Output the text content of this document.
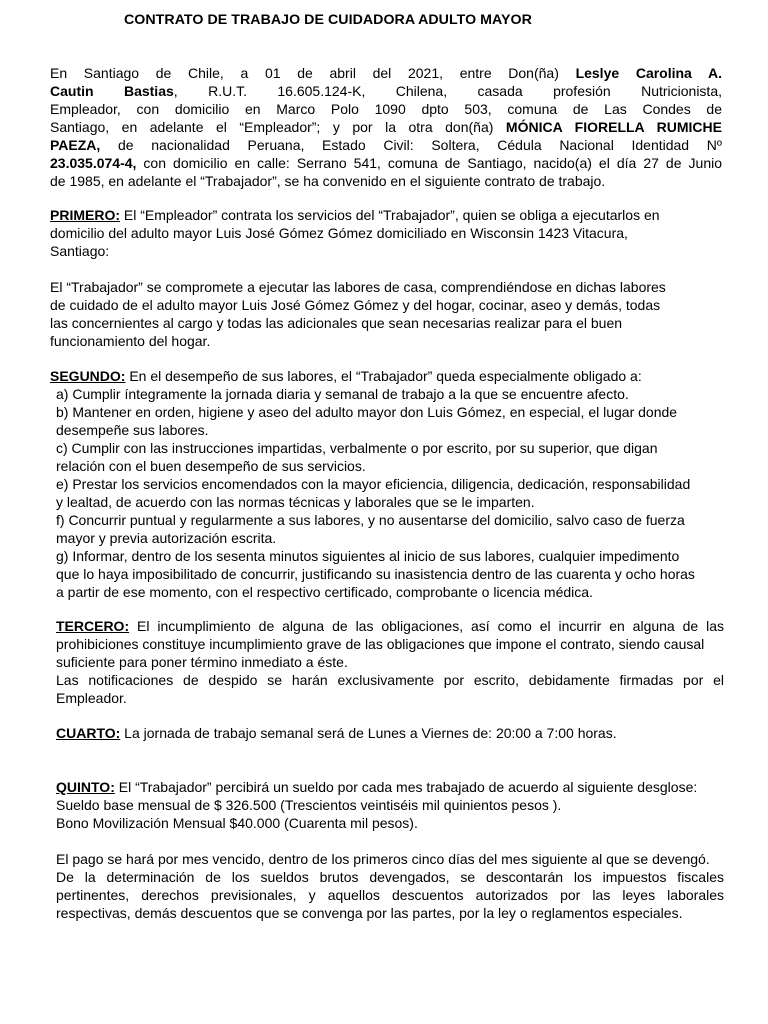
CONTRATO DE TRABAJO DE CUIDADORA ADULTO MAYOR
En Santiago de Chile, a 01 de abril del 2021, entre Don(ña) Leslye Carolina A.
Cautin Bastias, R.U.T. 16.605.124-K, Chilena, casada profesión Nutricionista,
Empleador, con domicilio en Marco Polo 1090 dpto 503, comuna de Las Condes de
Santiago, en adelante el “Empleador”; y por la otra don(ña) MÓNICA FIORELLA RUMICHE
PAEZA, de nacionalidad Peruana, Estado Civil: Soltera, Cédula Nacional Identidad Nº
23.035.074-4, con domicilio en calle: Serrano 541, comuna de Santiago, nacido(a) el día 27 de Junio
de 1985, en adelante el “Trabajador”, se ha convenido en el siguiente contrato de trabajo.
PRIMERO: El “Empleador” contrata los servicios del “Trabajador”, quien se obliga a ejecutarlos en
domicilio del adulto mayor Luis José Gómez Gómez domiciliado en Wisconsin 1423 Vitacura,
Santiago:
El “Trabajador” se compromete a ejecutar las labores de casa, comprendiéndose en dichas labores
de cuidado de el adulto mayor Luis José Gómez Gómez y del hogar, cocinar, aseo y demás, todas
las concernientes al cargo y todas las adicionales que sean necesarias realizar para el buen
funcionamiento del hogar.
SEGUNDO: En el desempeño de sus labores, el “Trabajador” queda especialmente obligado a:
a) Cumplir íntegramente la jornada diaria y semanal de trabajo a la que se encuentre afecto.
b) Mantener en orden, higiene y aseo del adulto mayor don Luis Gómez, en especial, el lugar donde
desempeñe sus labores.
c) Cumplir con las instrucciones impartidas, verbalmente o por escrito, por su superior, que digan
relación con el buen desempeño de sus servicios.
e) Prestar los servicios encomendados con la mayor eficiencia, diligencia, dedicación, responsabilidad
y lealtad, de acuerdo con las normas técnicas y laborales que se le imparten.
f) Concurrir puntual y regularmente a sus labores, y no ausentarse del domicilio, salvo caso de fuerza
mayor y previa autorización escrita.
g) Informar, dentro de los sesenta minutos siguientes al inicio de sus labores, cualquier impedimento
que lo haya imposibilitado de concurrir, justificando su inasistencia dentro de las cuarenta y ocho horas
a partir de ese momento, con el respectivo certificado, comprobante o licencia médica.
TERCERO: El incumplimiento de alguna de las obligaciones, así como el incurrir en alguna de las
prohibiciones constituye incumplimiento grave de las obligaciones que impone el contrato, siendo causal
suficiente para poner término inmediato a éste.
Las notificaciones de despido se harán exclusivamente por escrito, debidamente firmadas por el
Empleador.
CUARTO: La jornada de trabajo semanal será de Lunes a Viernes de: 20:00 a 7:00 horas.
QUINTO: El “Trabajador” percibirá un sueldo por cada mes trabajado de acuerdo al siguiente desglose:
Sueldo base mensual de $ 326.500 (Trescientos veintiséis mil quinientos pesos ).
Bono Movilización Mensual $40.000 (Cuarenta mil pesos).
El pago se hará por mes vencido, dentro de los primeros cinco días del mes siguiente al que se devengó.
De la determinación de los sueldos brutos devengados, se descontarán los impuestos fiscales
pertinentes, derechos previsionales, y aquellos descuentos autorizados por las leyes laborales
respectivas, demás descuentos que se convenga por las partes, por la ley o reglamentos especiales.
